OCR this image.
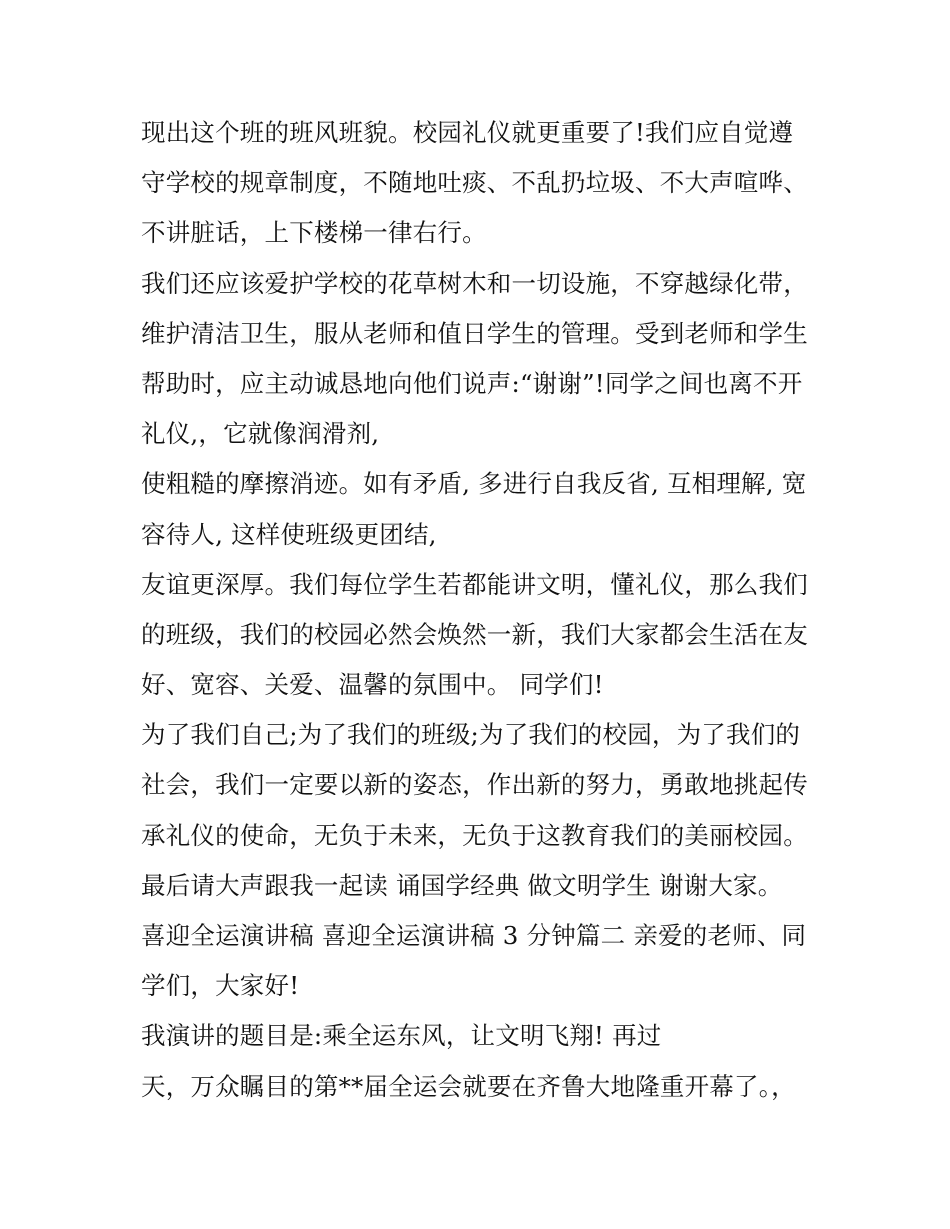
现出这个班的班风班貌。校园礼仪就更重要了!我们应自觉遵
守学校的规章制度，不随地吐痰、不乱扔垃圾、不大声喧哗、
不讲脏话，上下楼梯一律右行。
我们还应该爱护学校的花草树木和一切设施，不穿越绿化带，
维护清洁卫生，服从老师和值日学生的管理。受到老师和学生
帮助时，应主动诚恳地向他们说声:“谢谢”!同学之间也离不开
礼仪,，它就像润滑剂,
使粗糙的摩擦消迹。如有矛盾, 多进行自我反省, 互相理解, 宽
容待人, 这样使班级更团结,
友谊更深厚。我们每位学生若都能讲文明，懂礼仪，那么我们
的班级，我们的校园必然会焕然一新，我们大家都会生活在友
好、宽容、关爱、温馨的氛围中。 同学们!
为了我们自己;为了我们的班级;为了我们的校园，为了我们的
社会，我们一定要以新的姿态，作出新的努力，勇敢地挑起传
承礼仪的使命，无负于未来，无负于这教育我们的美丽校园。
最后请大声跟我一起读 诵国学经典 做文明学生 谢谢大家。
喜迎全运演讲稿 喜迎全运演讲稿 3 分钟篇二 亲爱的老师、同
学们，大家好!
我演讲的题目是:乘全运东风，让文明飞翔! 再过
天，万众瞩目的第**届全运会就要在齐鲁大地隆重开幕了。，
